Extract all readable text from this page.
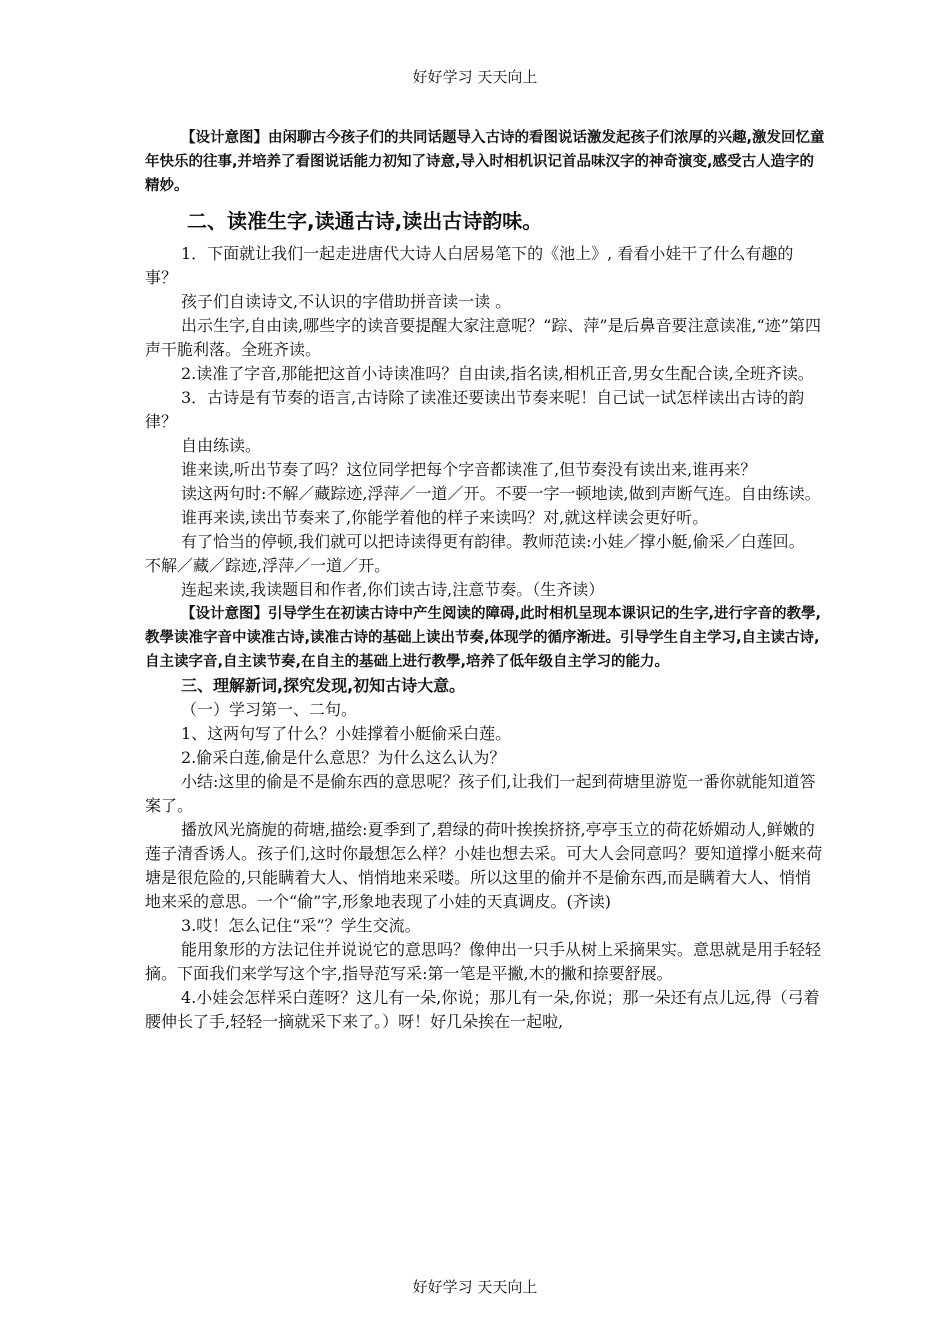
好好学习 天天向上

【设计意图】由闲聊古今孩子们的共同话题导入古诗的看图说话激发起孩子们浓厚的兴趣,激发回忆童年快乐的往事,并培养了看图说话能力初知了诗意,导入时相机识记首品味汉字的神奇演变,感受古人造字的精妙。

二、读准生字,读通古诗,读出古诗韵味。

1．下面就让我们一起走进唐代大诗人白居易笔下的《池上》, 看看小娃干了什么有趣的事？

孩子们自读诗文,不认识的字借助拼音读一读 。

出示生字,自由读,哪些字的读音要提醒大家注意呢？“踪、萍”是后鼻音要注意读准,“迹”第四声干脆利落。全班齐读。

2.读准了字音,那能把这首小诗读准吗？自由读,指名读,相机正音,男女生配合读,全班齐读。

3．古诗是有节奏的语言,古诗除了读准还要读出节奏来呢！自己试一试怎样读出古诗的韵律？

自由练读。

谁来读,听出节奏了吗？这位同学把每个字音都读准了,但节奏没有读出来,谁再来？

读这两句时:不解／藏踪迹,浮萍／一道／开。不要一字一顿地读,做到声断气连。自由练读。

谁再来读,读出节奏来了,你能学着他的样子来读吗？对,就这样读会更好听。

有了恰当的停顿,我们就可以把诗读得更有韵律。教师范读:小娃／撑小艇,偷采／白莲回。 不解／藏／踪迹,浮萍／一道／开。

连起来读,我读题目和作者,你们读古诗,注意节奏。（生齐读）

【设计意图】引导学生在初读古诗中产生阅读的障碍,此时相机呈现本课识记的生字,进行字音的教學,教學读准字音中读准古诗,读准古诗的基础上读出节奏,体现学的循序渐进。引导学生自主学习,自主读古诗,自主读字音,自主读节奏,在自主的基础上进行教學,培养了低年级自主学习的能力。

三、理解新词,探究发现,初知古诗大意。

（一）学习第一、二句。

1、这两句写了什么？小娃撑着小艇偷采白莲。

2.偷采白莲,偷是什么意思？为什么这么认为？

小结:这里的偷是不是偷东西的意思呢？孩子们,让我们一起到荷塘里游览一番你就能知道答案了。

播放风光旖旎的荷塘,描绘:夏季到了,碧绿的荷叶挨挨挤挤,亭亭玉立的荷花娇媚动人,鲜嫩的莲子清香诱人。孩子们,这时你最想怎么样？小娃也想去采。可大人会同意吗？要知道撑小艇来荷塘是很危险的,只能瞒着大人、悄悄地来采喽。所以这里的偷并不是偷东西,而是瞒着大人、悄悄地来采的意思。一个“偷”字,形象地表现了小娃的天真调皮。(齐读)

3.哎！怎么记住“采”？学生交流。

能用象形的方法记住并说说它的意思吗？像伸出一只手从树上采摘果实。意思就是用手轻轻摘。下面我们来学写这个字,指导范写采:第一笔是平撇,木的撇和捺要舒展。

4.小娃会怎样采白莲呀？这儿有一朵,你说；那儿有一朵,你说；那一朵还有点儿远,得（弓着腰伸长了手,轻轻一摘就采下来了。）呀！好几朵挨在一起啦,

好好学习 天天向上
